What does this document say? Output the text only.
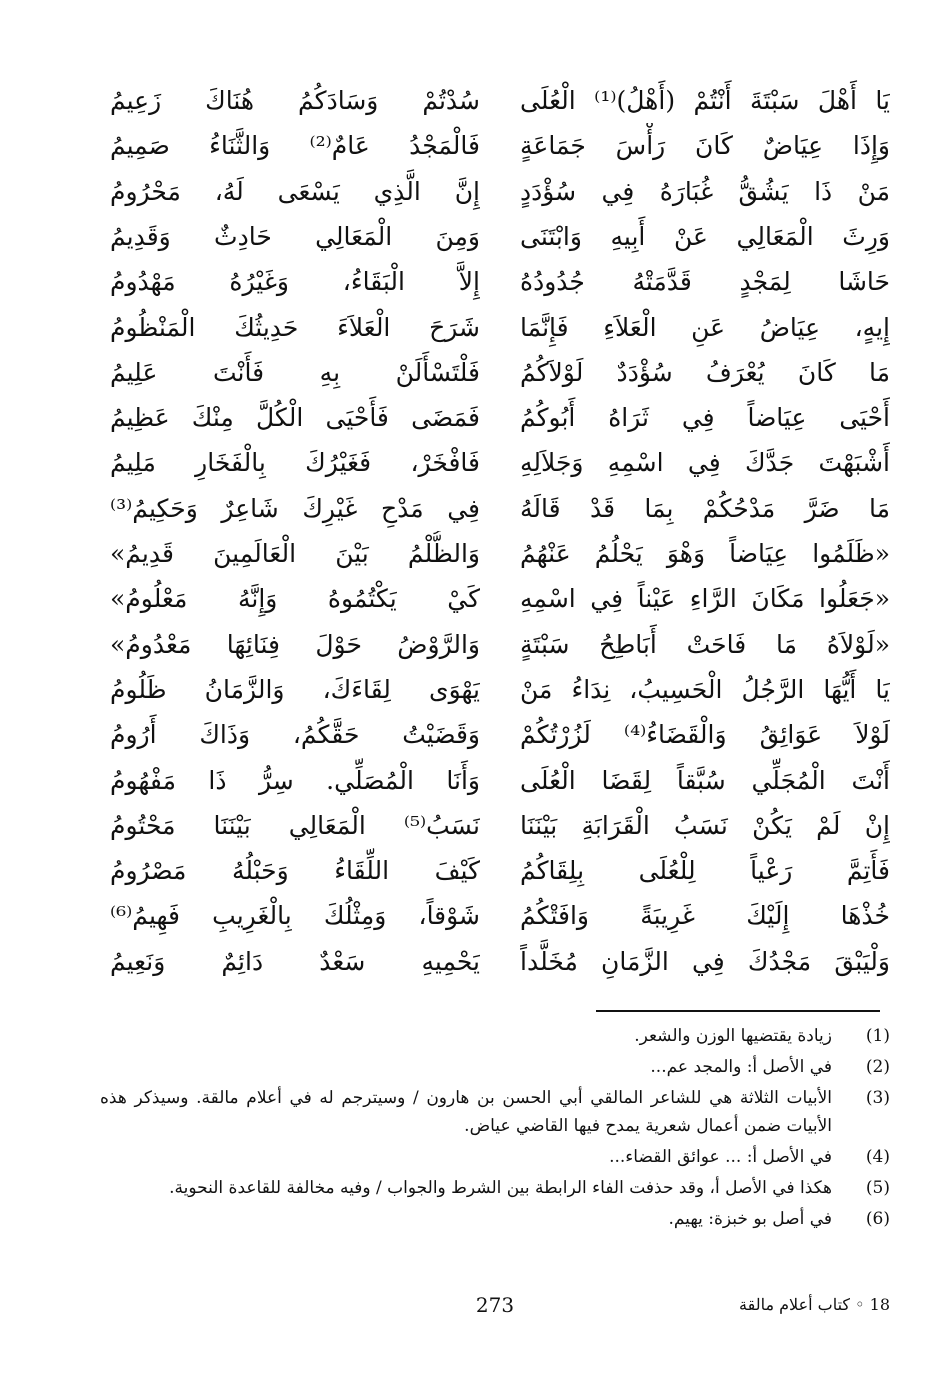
يَا أَهْلَ سَبْتَةَ أَنْتُمْ (أَهْلُ)⁽¹⁾ الْعُلَى
سُدْتُمْ وَسَادَكُمُ هُنَاكَ زَعِيمُ
وَإِذَا عِيَاضٌ كَانَ رَأْسَ جَمَاعَةٍ
فَالْمَجْدُ عَامٌ⁽²⁾ وَالثَّنَاءُ صَمِيمُ
مَنْ ذَا يَشُقُّ غُبَارَهُ فِي سُؤْدَدٍ
إِنَّ الَّذِي يَسْعَى لَهُ، مَحْرُومُ
وَرِثَ الْمَعَالِي عَنْ أَبِيهِ وَابْتَنَى
وَمِنَ الْمَعَالِي حَادِثٌ وَقَدِيمُ
حَاشَا لِمَجْدٍ قَدَّمَتْهُ جُدُودُهُ
إِلاَّ الْبَقَاءُ، وَغَيْرُهُ مَهْدُومُ
إِيهٍ، عِيَاضُ عَنِ الْعَلاَءِ فَإِنَّمَا
شَرَحَ الْعَلاَءَ حَدِيثُكَ الْمَنْظُومُ
مَا كَانَ يُعْرَفُ سُؤْدَدٌ لَوْلاَكُمُ
فَلْتَسْأَلَنْ بِهِ فَأَنْتَ عَلِيمُ
أَحْيَى عِيَاضاً فِي ثَرَاهُ أَبُوكُمُ
فَمَضَى فَأَحْيَى الْكُلَّ مِنْكَ عَظِيمُ
أَشْبَهْتَ جَدَّكَ فِي اسْمِهِ وَجَلاَلِهِ
فَافْخَرْ، فَغَيْرُكَ بِالْفَخَارِ مَلِيمُ
مَا ضَرَّ مَدْحُكُمْ بِمَا قَدْ قَالَهُ
فِي مَدْحِ غَيْرِكَ شَاعِرٌ وَحَكِيمُ⁽³⁾
«ظَلَمُوا عِيَاضاً وَهْوَ يَحْلُمُ عَنْهُمُ
وَالظُّلْمُ بَيْنَ الْعَالَمِينَ قَدِيمُ»
«جَعَلُوا مَكَانَ الرَّاءِ عَيْناً فِي اسْمِهِ
كَيْ يَكْتُمُوهُ وَإِنَّهُ مَعْلُومُ»
«لَوْلاَهُ مَا فَاحَتْ أَبَاطِحُ سَبْتَةٍ
وَالرَّوْضُ حَوْلَ فِنَائِهَا مَعْدُومُ»
يَا أَيُّهَا الرَّجُلُ الْحَسِيبُ، نِدَاءُ مَنْ
يَهْوَى لِقَاءَكَ، وَالزَّمَانُ ظَلُومُ
لَوْلاَ عَوَائِقُ وَالْقَضَاءُ⁽⁴⁾ لَزُرْتُكُمْ
وَقَضَيْتُ حَقَّكُمُ، وَذَاكَ أَرُومُ
أَنْتَ الْمُجَلِّي سُبَّقاً لِقَضَا الْعُلَى
وَأَنَا الْمُصَلِّي. سِرُّ ذَا مَفْهُومُ
إِنْ لَمْ يَكُنْ نَسَبُ الْقَرَابَةِ بَيْنَنَا
نَسَبُ⁽⁵⁾ الْمَعَالِي بَيْنَنَا مَحْتُومُ
فَأَتِمَّ رَعْياً لِلْعُلَى بِلِقَاكُمُ
كَيْفَ اللِّقَاءُ وَحَبْلُهُ مَصْرُومُ
خُذْهَا إِلَيْكَ غَرِيبَةً وَافَتْكُمُ
شَوْقاً، وَمِثْلُكَ بِالْغَرِيبِ فَهِيمُ⁽⁶⁾
وَلْيَبْقَ مَجْدُكَ فِي الزَّمَانِ مُخَلَّداً
يَحْمِيهِ سَعْدٌ دَائِمٌ وَنَعِيمُ
(1)
زيادة يقتضيها الوزن والشعر.
(2)
في الأصل أ: والمجد عم...
(3)
الأبيات الثلاثة هي للشاعر المالقي أبي الحسن بن هارون / وسيترجم له في أعلام مالقة. وسيذكر هذه الأبيات ضمن أعمال شعرية يمدح فيها القاضي عياض.
(4)
في الأصل أ: ... عوائق القضاء...
(5)
هكذا في الأصل أ، وقد حذفت الفاء الرابطة بين الشرط والجواب / وفيه مخالفة للقاعدة النحوية.
(6)
في أصل بو خبزة: يهيم.
273	18 ◦ كتاب أعلام مالقة
